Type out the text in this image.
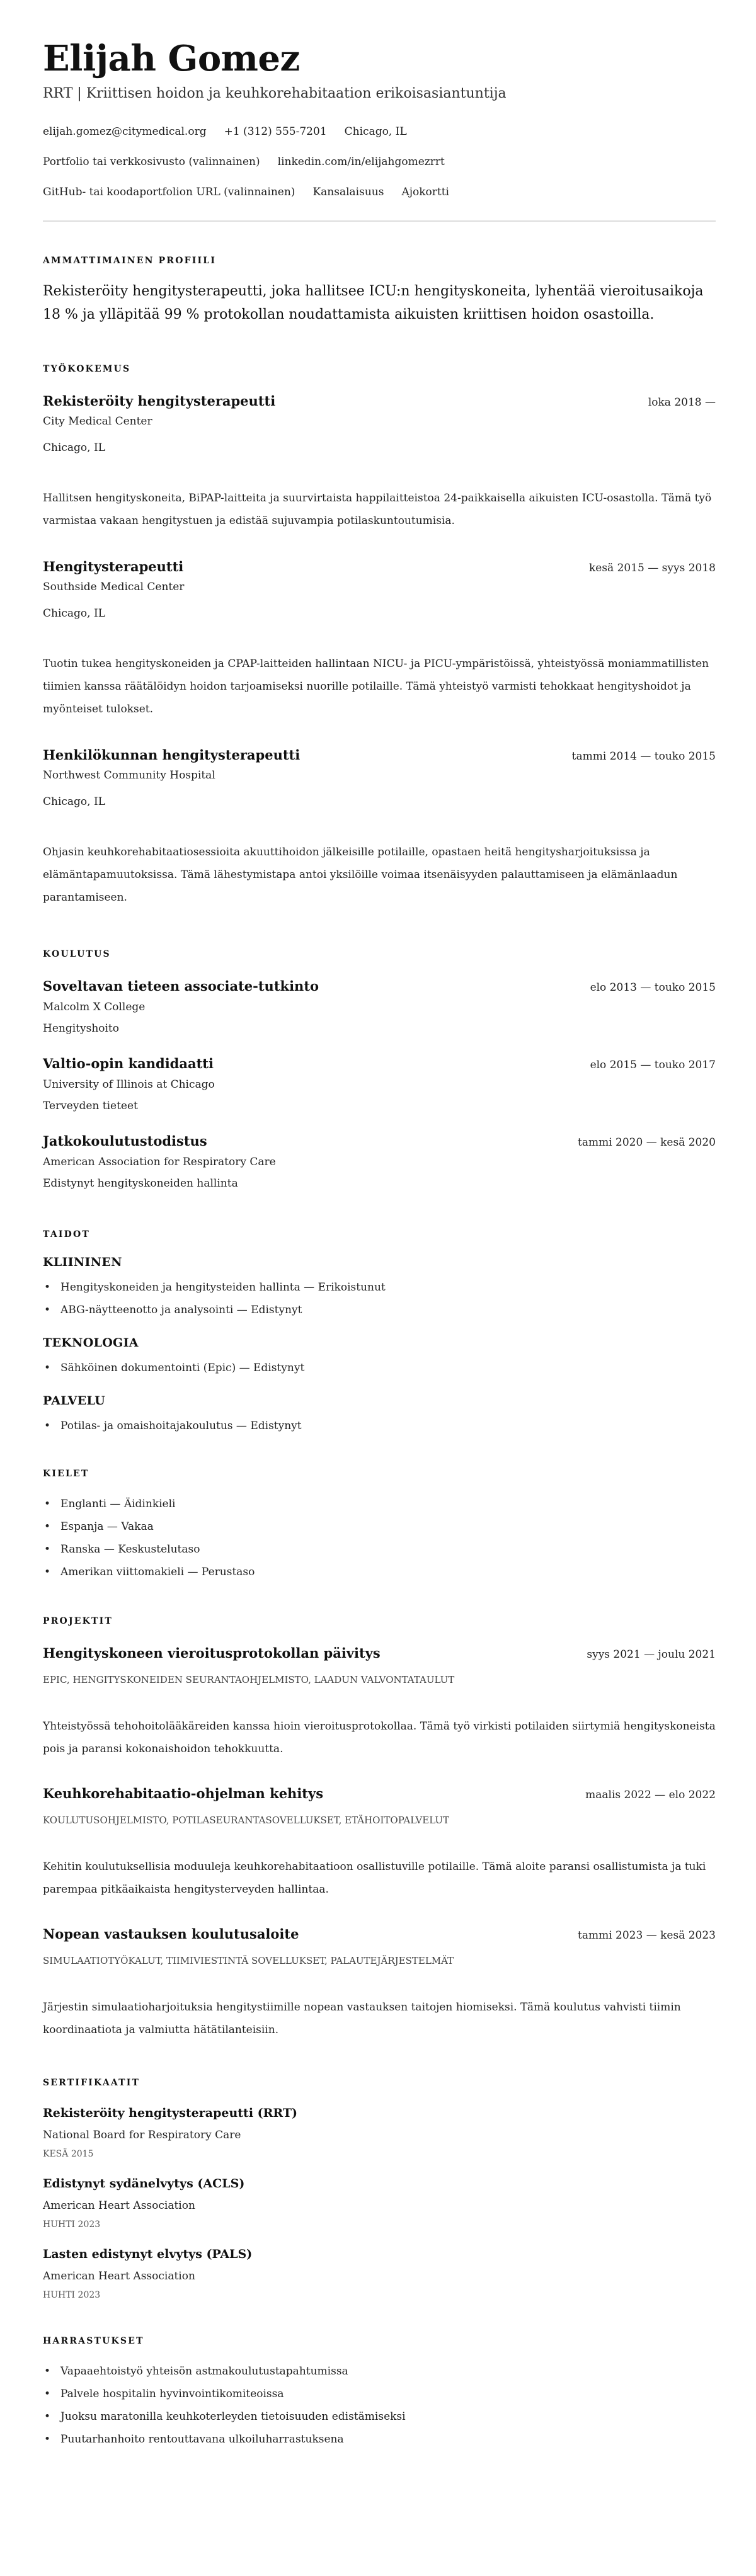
Elijah Gomez
RRT | Kriittisen hoidon ja keuhkorehabitaation erikoisasiantuntija
elijah.gomez@citymedical.org +1 (312) 555-7201 Chicago, IL
Portfolio tai verkkosivusto (valinnainen) linkedin.com/in/elijahgomezrrt
GitHub- tai koodaportfolion URL (valinnainen) Kansalaisuus Ajokortti
AMMATTIMAINEN PROFIILI

Rekisteröity hengitysterapeutti, joka hallitsee ICU:n hengityskoneita, lyhentää vieroitusaikoja 18 % ja ylläpitää 99 % protokollan noudattamista aikuisten kriittisen hoidon osastoilla.

TYÖKOKEMUS
Rekisteröity hengitysterapeutti	loka 2018 —
City Medical Center
Chicago, IL

Hallitsen hengityskoneita, BiPAP-laitteita ja suurvirtaista happilaitteistoa 24-paikkaisella aikuisten ICU-osastolla. Tämä työ varmistaa vakaan hengitystuen ja edistää sujuvampia potilaskuntoutumisia.

Hengitysterapeutti	kesä 2015 — syys 2018
Southside Medical Center
Chicago, IL

Tuotin tukea hengityskoneiden ja CPAP-laitteiden hallintaan NICU- ja PICU-ympäristöissä, yhteistyössä moniammatillisten tiimien kanssa räätälöidyn hoidon tarjoamiseksi nuorille potilaille. Tämä yhteistyö varmisti tehokkaat hengityshoidot ja myönteiset tulokset.

Henkilökunnan hengitysterapeutti	tammi 2014 — touko 2015
Northwest Community Hospital
Chicago, IL

Ohjasin keuhkorehabitaatiosessioita akuuttihoidon jälkeisille potilaille, opastaen heitä hengitysharjoituksissa ja elämäntapamuutoksissa. Tämä lähestymistapa antoi yksilöille voimaa itsenäisyyden palauttamiseen ja elämänlaadun parantamiseen.

KOULUTUS
Soveltavan tieteen associate-tutkinto	elo 2013 — touko 2015
Malcolm X College
Hengityshoito
Valtio-opin kandidaatti	elo 2015 — touko 2017
University of Illinois at Chicago
Terveyden tieteet
Jatkokoulutustodistus	tammi 2020 — kesä 2020
American Association for Respiratory Care
Edistynyt hengityskoneiden hallinta
TAIDOT
KLIININEN
• Hengityskoneiden ja hengitysteiden hallinta — Erikoistunut
• ABG-näytteenotto ja analysointi — Edistynyt
TEKNOLOGIA
• Sähköinen dokumentointi (Epic) — Edistynyt
PALVELU
• Potilas- ja omaishoitajakoulutus — Edistynyt
KIELET
• Englanti — Äidinkieli
• Espanja — Vakaa
• Ranska — Keskustelutaso
• Amerikan viittomakieli — Perustaso
PROJEKTIT
Hengityskoneen vieroitusprotokollan päivitys	syys 2021 — joulu 2021
EPIC, HENGITYSKONEIDEN SEURANTAOHJELMISTO, LAADUN VALVONTATAULUT

Yhteistyössä tehohoitolääkäreiden kanssa hioin vieroitusprotokollaa. Tämä työ virkisti potilaiden siirtymiä hengityskoneista pois ja paransi kokonaishoidon tehokkuutta.

Keuhkorehabitaatio-ohjelman kehitys	maalis 2022 — elo 2022
KOULUTUSOHJELMISTO, POTILASEURANTASOVELLUKSET, ETÄHOITOPALVELUT

Kehitin koulutuksellisia moduuleja keuhkorehabitaatioon osallistuville potilaille. Tämä aloite paransi osallistumista ja tuki parempaa pitkäaikaista hengitysterveyden hallintaa.

Nopean vastauksen koulutusaloite	tammi 2023 — kesä 2023
SIMULAATIOTYÖKALUT, TIIMIVIESTINTÄ SOVELLUKSET, PALAUTEJÄRJESTELMÄT

Järjestin simulaatioharjoituksia hengitystiimille nopean vastauksen taitojen hiomiseksi. Tämä koulutus vahvisti tiimin koordinaatiota ja valmiutta hätätilanteisiin.

SERTIFIKAATIT
Rekisteröity hengitysterapeutti (RRT)
National Board for Respiratory Care
KESÄ 2015
Edistynyt sydänelvytys (ACLS)
American Heart Association
HUHTI 2023
Lasten edistynyt elvytys (PALS)
American Heart Association
HUHTI 2023
HARRASTUKSET
• Vapaaehtoistyö yhteisön astmakoulutustapahtumissa
• Palvele hospitalin hyvinvointikomiteoissa
• Juoksu maratonilla keuhkoterleyden tietoisuuden edistämiseksi
• Puutarhanhoito rentouttavana ulkoiluharrastuksena
